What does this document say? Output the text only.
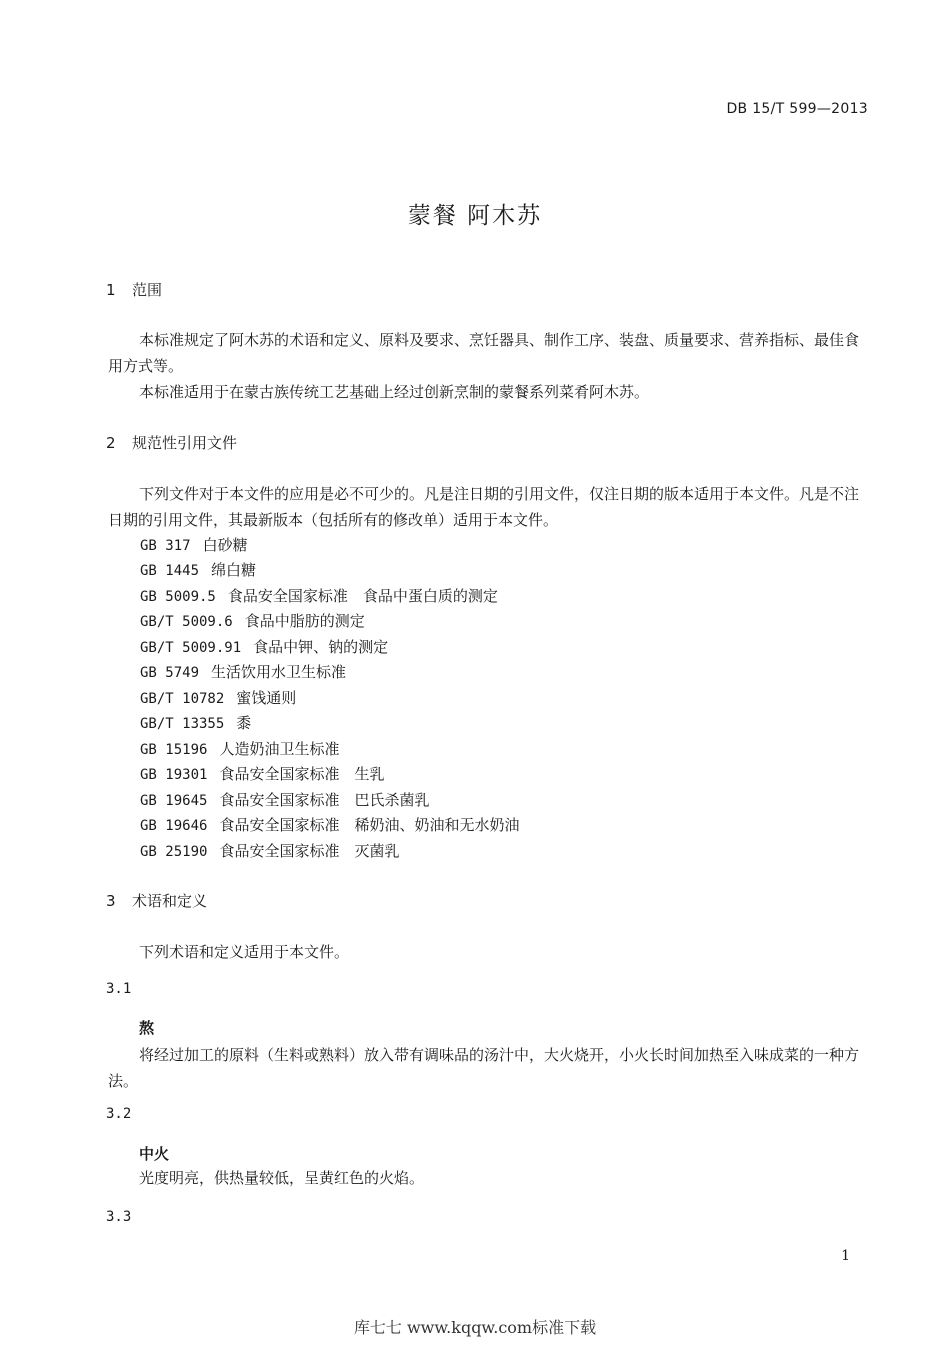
DB 15/T 599—2013
蒙餐 阿木苏
1 范围
本标准规定了阿木苏的术语和定义、原料及要求、烹饪器具、制作工序、装盘、质量要求、营养指标、最佳食用方式等。
本标准适用于在蒙古族传统工艺基础上经过创新烹制的蒙餐系列菜肴阿木苏。
2 规范性引用文件
下列文件对于本文件的应用是必不可少的。凡是注日期的引用文件，仅注日期的版本适用于本文件。凡是不注日期的引用文件，其最新版本（包括所有的修改单）适用于本文件。
GB 317 白砂糖
GB 1445 绵白糖
GB 5009.5 食品安全国家标准　食品中蛋白质的测定
GB/T 5009.6 食品中脂肪的测定
GB/T 5009.91 食品中钾、钠的测定
GB 5749 生活饮用水卫生标准
GB/T 10782 蜜饯通则
GB/T 13355 黍
GB 15196 人造奶油卫生标准
GB 19301 食品安全国家标准　生乳
GB 19645 食品安全国家标准　巴氏杀菌乳
GB 19646 食品安全国家标准　稀奶油、奶油和无水奶油
GB 25190 食品安全国家标准　灭菌乳
3 术语和定义
下列术语和定义适用于本文件。
3.1
熬
将经过加工的原料（生料或熟料）放入带有调味品的汤汁中，大火烧开，小火长时间加热至入味成菜的一种方法。
3.2
中火
光度明亮，供热量较低，呈黄红色的火焰。
3.3
1
库七七 www.kqqw.com标准下载
